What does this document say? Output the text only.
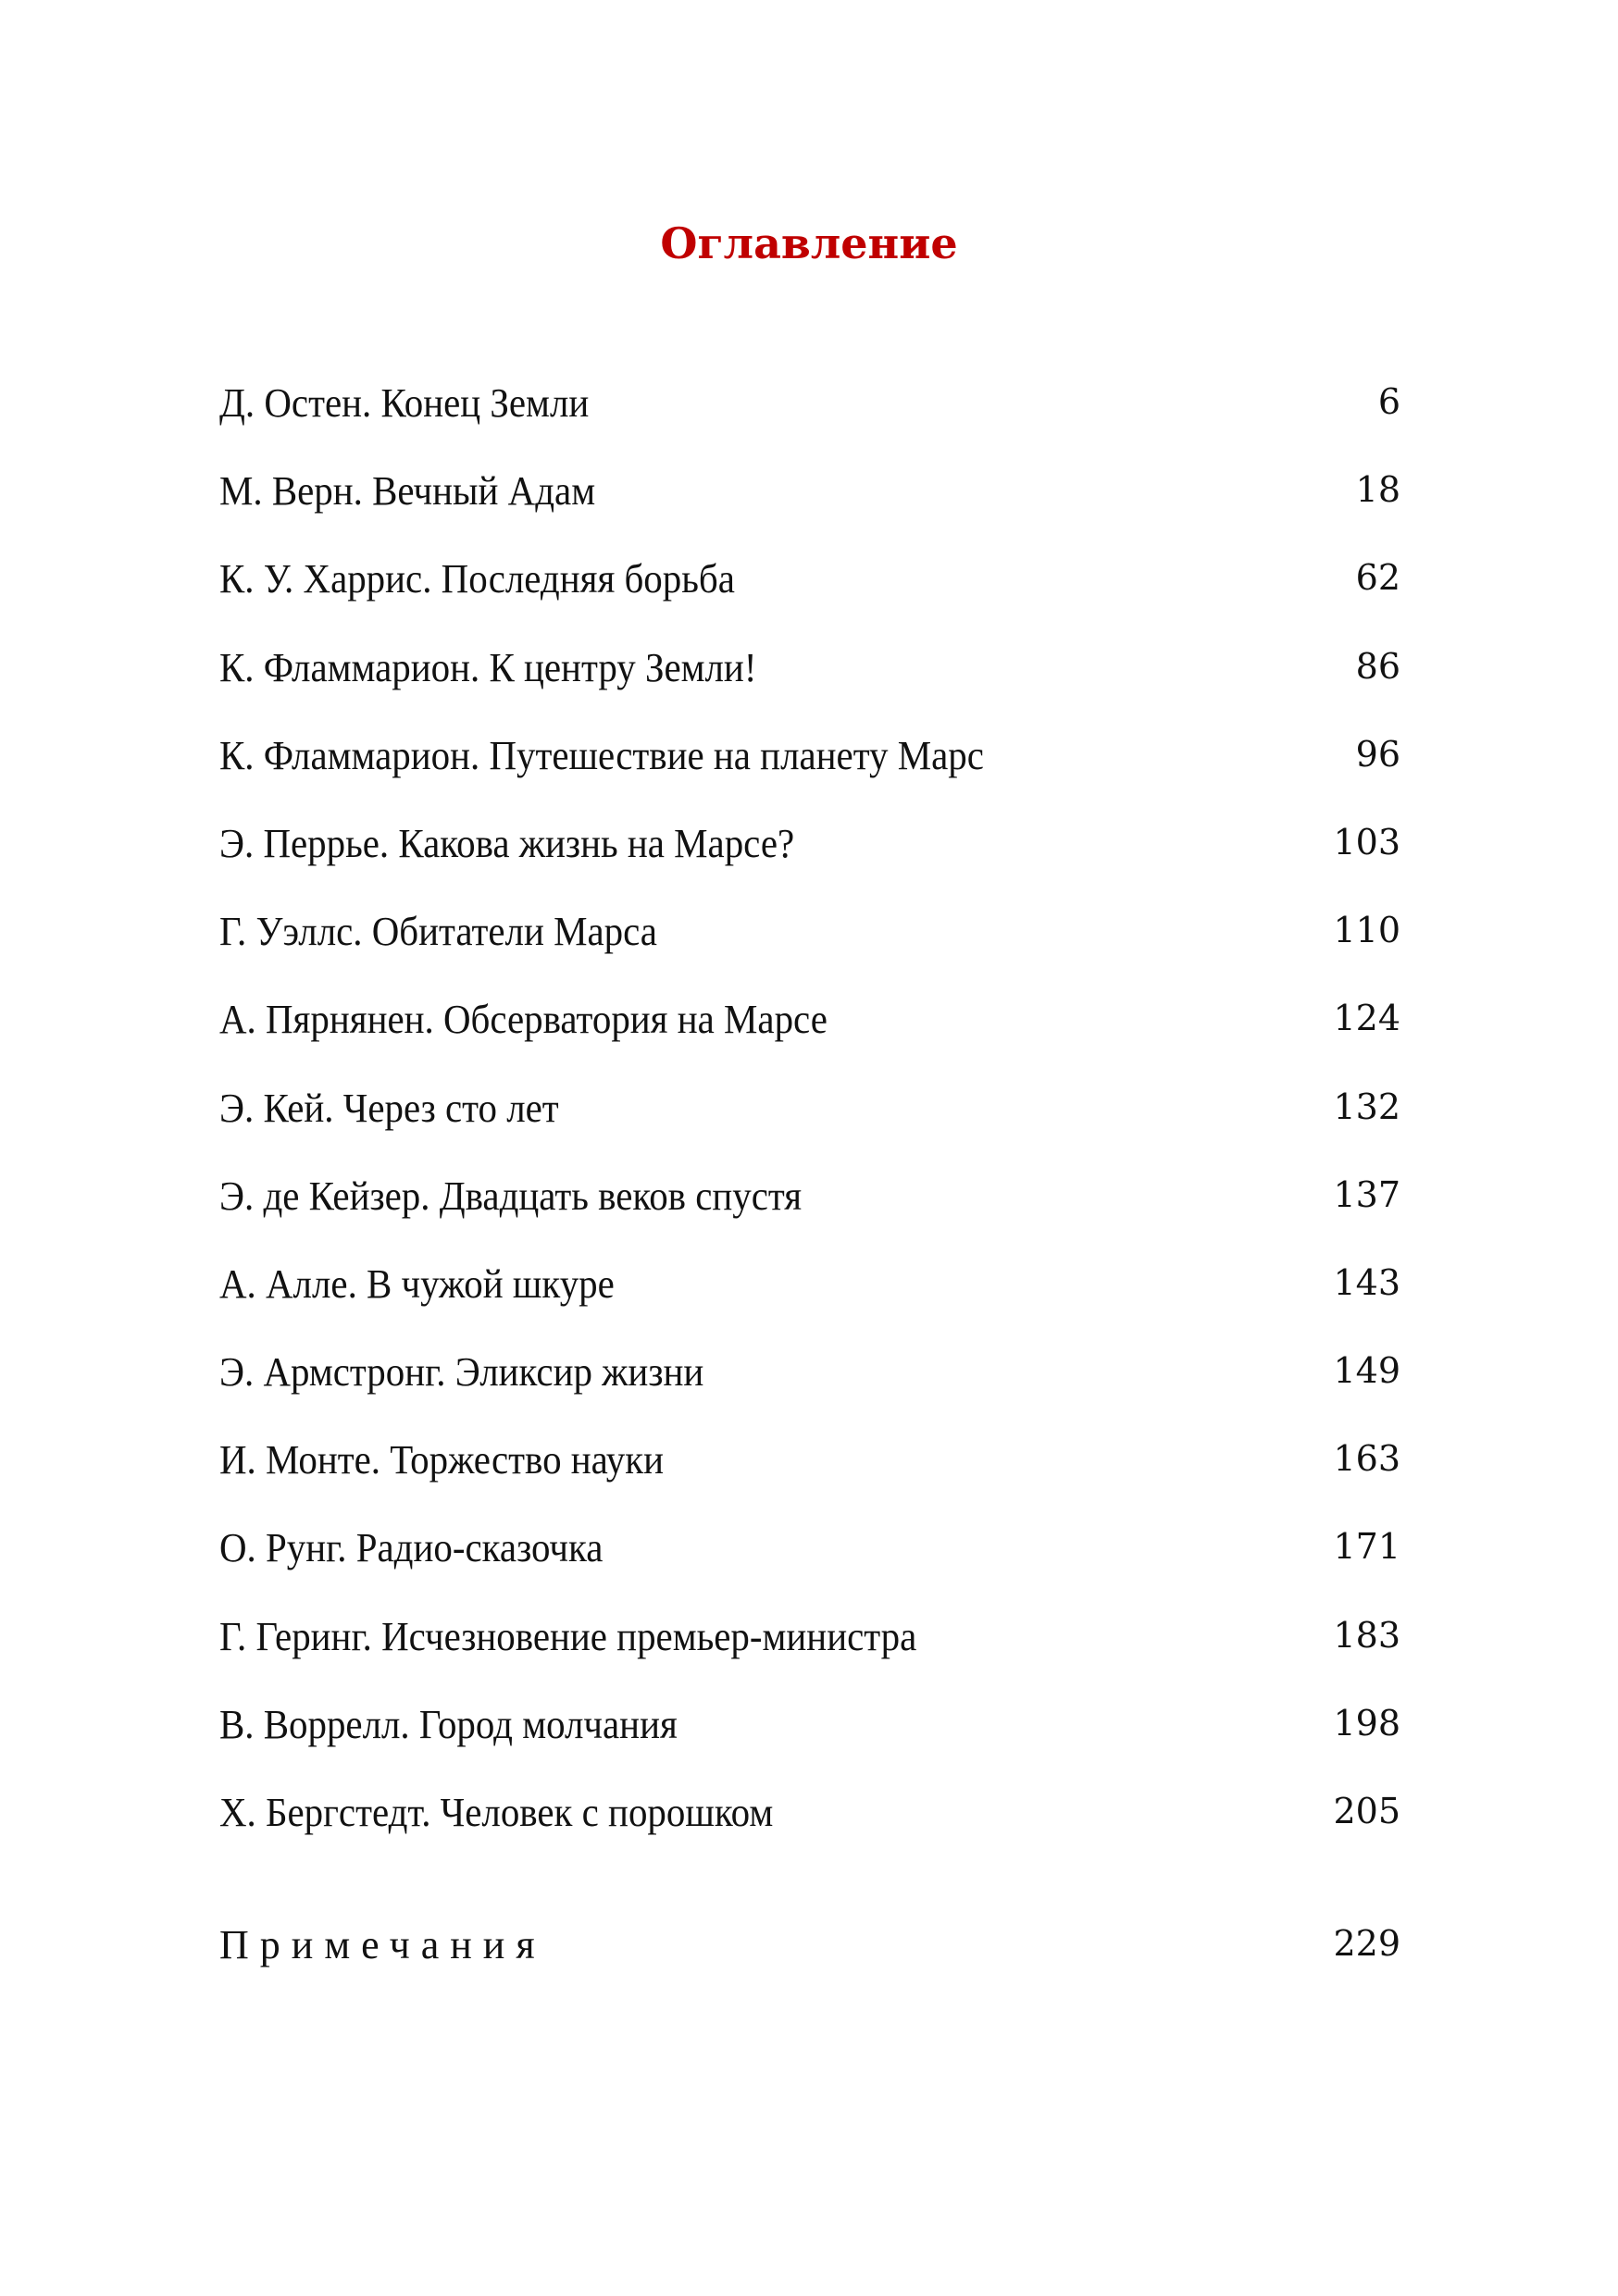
Оглавление
Д. Остен. Конец Земли	6
М. Верн. Вечный Адам	18
К. У. Харрис. Последняя борьба	62
К. Фламмарион. К центру Земли!	86
К. Фламмарион. Путешествие на планету Марс	96
Э. Перрье. Какова жизнь на Марсе?	103
Г. Уэллс. Обитатели Марса	110
А. Пярнянен. Обсерватория на Марсе	124
Э. Кей. Через сто лет	132
Э. де Кейзер. Двадцать веков спустя	137
А. Алле. В чужой шкуре	143
Э. Армстронг. Эликсир жизни	149
И. Монте. Торжество науки	163
О. Рунг. Радио-сказочка	171
Г. Геринг. Исчезновение премьер-министра	183
В. Воррелл. Город молчания	198
Х. Бергстедт. Человек с порошком	205
Примечания	229
